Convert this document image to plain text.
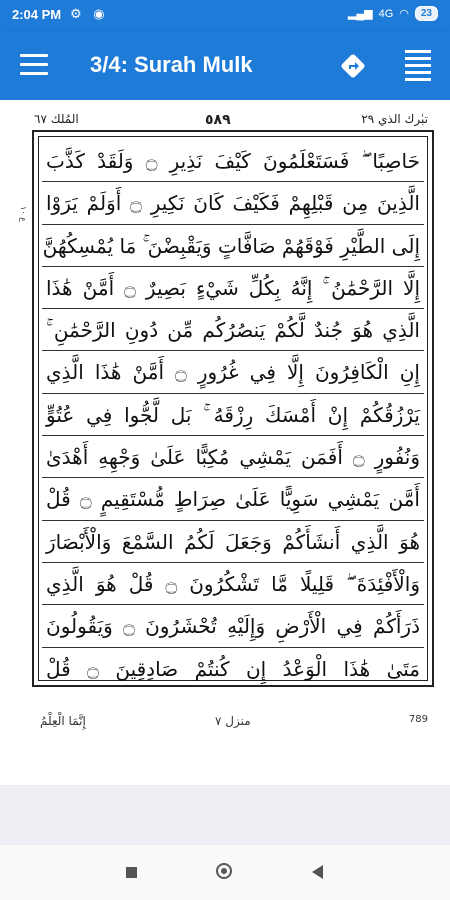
2:04 PM ⚙ ◉	▂▄▆ 4G ◠	23
3/4: Surah Mulk
المُلك ٦٧	٥٨٩	تبٰرك الذي ٢٩
ع ١٠
حَاصِبًا ۖ فَسَتَعْلَمُونَ كَيْفَ نَذِيرِ ۝ وَلَقَدْ كَذَّبَ
الَّذِينَ مِن قَبْلِهِمْ فَكَيْفَ كَانَ نَكِيرِ ۝ أَوَلَمْ يَرَوْا
إِلَى الطَّيْرِ فَوْقَهُمْ صَافَّاتٍ وَيَقْبِضْنَ ۚ مَا يُمْسِكُهُنَّ
إِلَّا الرَّحْمَٰنُ ۚ إِنَّهُ بِكُلِّ شَيْءٍ بَصِيرٌ ۝ أَمَّنْ هَٰذَا
الَّذِي هُوَ جُندٌ لَّكُمْ يَنصُرُكُم مِّن دُونِ الرَّحْمَٰنِ ۚ
إِنِ الْكَافِرُونَ إِلَّا فِي غُرُورٍ ۝ أَمَّنْ هَٰذَا الَّذِي
يَرْزُقُكُمْ إِنْ أَمْسَكَ رِزْقَهُ ۚ بَل لَّجُّوا فِي عُتُوٍّ
وَنُفُورٍ ۝ أَفَمَن يَمْشِي مُكِبًّا عَلَىٰ وَجْهِهِ أَهْدَىٰ
أَمَّن يَمْشِي سَوِيًّا عَلَىٰ صِرَاطٍ مُّسْتَقِيمٍ ۝ قُلْ
هُوَ الَّذِي أَنشَأَكُمْ وَجَعَلَ لَكُمُ السَّمْعَ وَالْأَبْصَارَ
وَالْأَفْئِدَةَ ۖ قَلِيلًا مَّا تَشْكُرُونَ ۝ قُلْ هُوَ الَّذِي
ذَرَأَكُمْ فِي الْأَرْضِ وَإِلَيْهِ تُحْشَرُونَ ۝ وَيَقُولُونَ
مَتَىٰ هَٰذَا الْوَعْدُ إِن كُنتُمْ صَادِقِينَ ۝ قُلْ
إِنَّمَا الْعِلْمُ	منزل ٧	789
